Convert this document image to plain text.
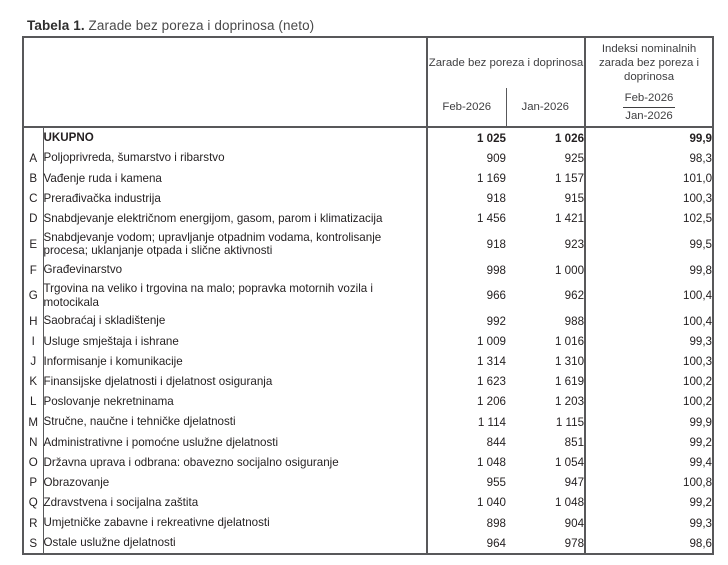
Tabela 1. Zarade bez poreza i doprinosa (neto)
		Zarade bez poreza i doprinosa		Indeksi nominalnih zarada bez poreza i doprinosa
		Feb-2026	Jan-2026	$\frac{\text{Feb-2026}}{\text{Jan-2026}}$

	UKUPNO	1 025	1 026	99,9
A	Poljoprivreda, šumarstvo i ribarstvo	909	925	98,3
B	Vađenje ruda i kamena	1 169	1 157	101,0
C	Prerađivačka industrija	918	915	100,3
D	Snabdjevanje električnom energijom, gasom, parom i klimatizacija	1 456	1 421	102,5
E	Snabdjevanje vodom; upravljanje otpadnim vodama, kontrolisanje procesa; uklanjanje otpada i slične aktivnosti	918	923	99,5
F	Građevinarstvo	998	1 000	99,8
G	Trgovina na veliko i trgovina na malo; popravka motornih vozila i motocikala	966	962	100,4
H	Saobraćaj i skladištenje	992	988	100,4
I	Usluge smještaja i ishrane	1 009	1 016	99,3
J	Informisanje i komunikacije	1 314	1 310	100,3
K	Finansijske djelatnosti i djelatnost osiguranja	1 623	1 619	100,2
L	Poslovanje nekretninama	1 206	1 203	100,2
M	Stručne, naučne i tehničke djelatnosti	1 114	1 115	99,9
N	Administrativne i pomoćne uslužne djelatnosti	844	851	99,2
O	Državna uprava i odbrana: obavezno socijalno osiguranje	1 048	1 054	99,4
P	Obrazovanje	955	947	100,8
Q	Zdravstvena i socijalna zaštita	1 040	1 048	99,2
R	Umjetničke zabavne i rekreativne djelatnosti	898	904	99,3
S	Ostale uslužne djelatnosti	964	978	98,6
